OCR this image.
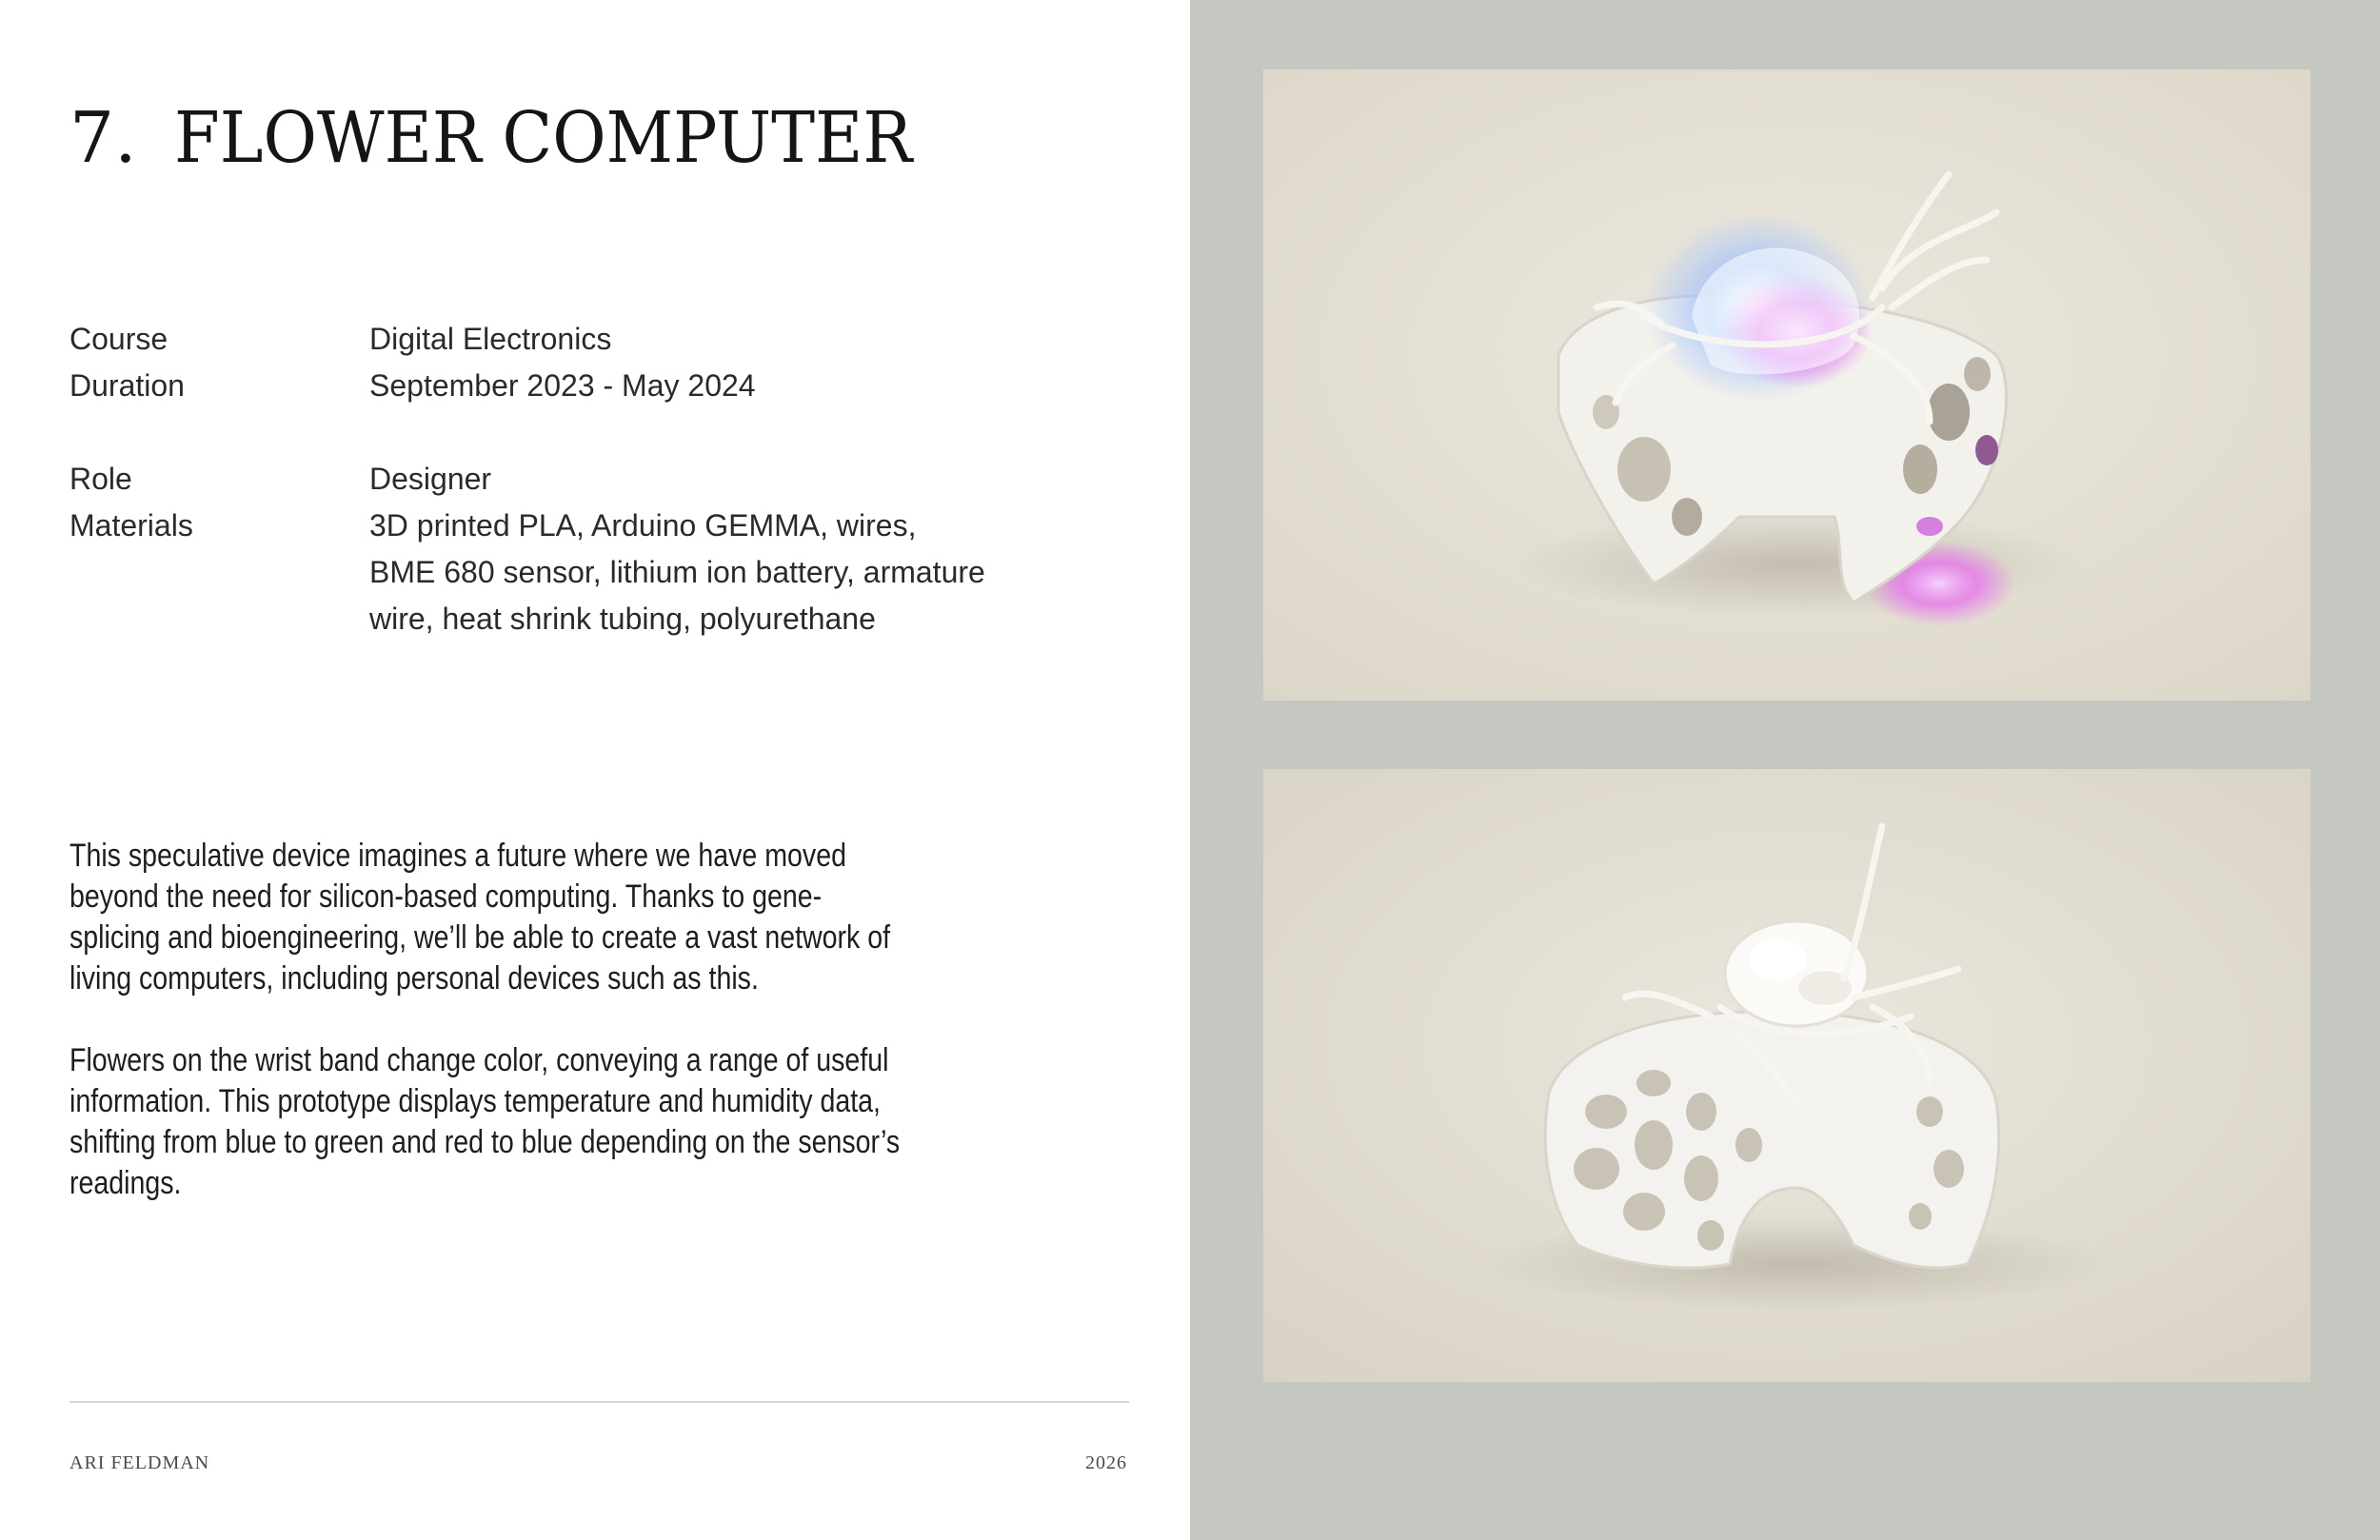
7. FLOWER COMPUTER
Course	Digital Electronics
Duration	September 2023 - May 2024
Role	Designer
Materials	3D printed PLA, Arduino GEMMA, wires, BME 680 sensor, lithium ion battery, armature wire, heat shrink tubing, polyurethane

This speculative device imagines a future where we have moved beyond the need for silicon-based computing. Thanks to gene-splicing and bioengineering, we’ll be able to create a vast network of living computers, including personal devices such as this.

Flowers on the wrist band change color, conveying a range of useful information. This prototype displays temperature and humidity data, shifting from blue to green and red to blue depending on the sensor’s readings.

ARI FELDMAN	2026
